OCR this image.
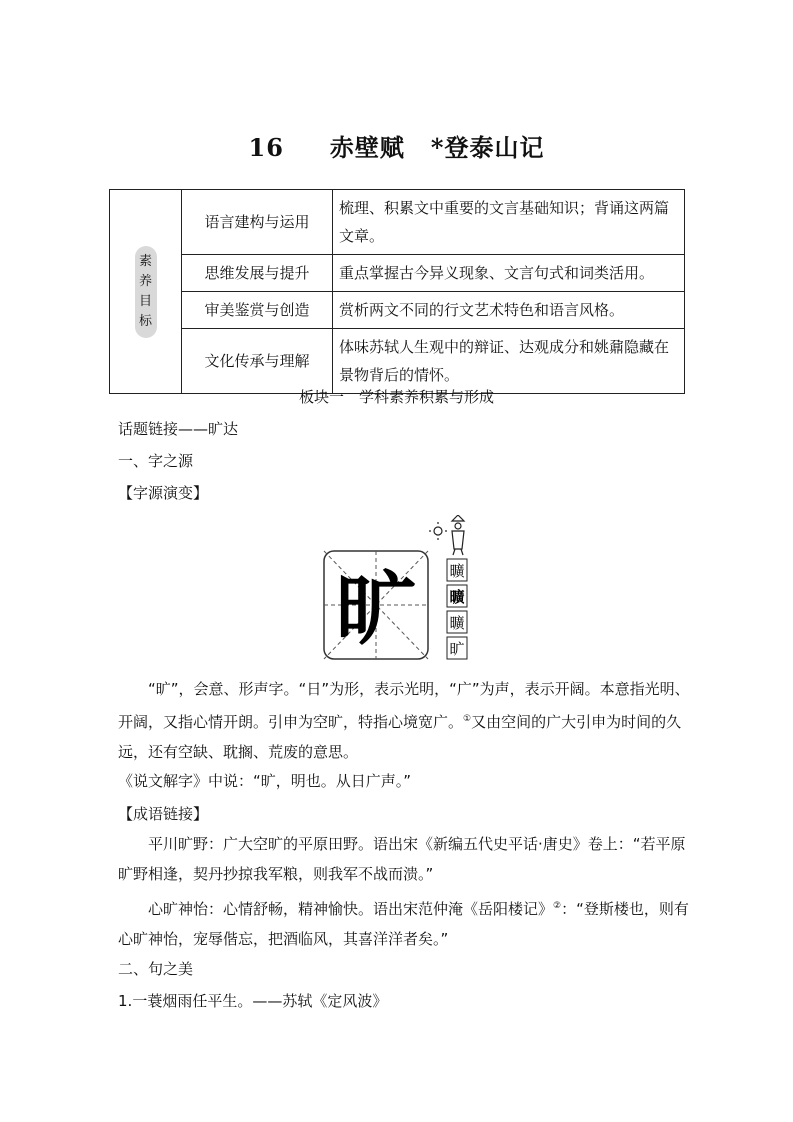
16 赤壁赋 *登泰山记
素
养
目
标	语言建构与运用	梳理、积累文中重要的文言基础知识；背诵这两篇文章。
	思维发展与提升	重点掌握古今异义现象、文言句式和词类活用。
	审美鉴赏与创造	赏析两文不同的行文艺术特色和语言风格。
	文化传承与理解	体味苏轼人生观中的辩证、达观成分和姚鼐隐藏在景物背后的情怀。
板块一　学科素养积累与形成
话题链接——旷达
一、字之源
【字源演变】
旷 曠
曠
曠
旷
“旷”，会意、形声字。“日”为形，表示光明，“广”为声，表示开阔。本意指光明、开阔，又指心情开朗。引申为空旷，特指心境宽广。①又由空间的广大引申为时间的久远，还有空缺、耽搁、荒废的意思。
《说文解字》中说：“旷，明也。从日广声。”
【成语链接】
平川旷野：广大空旷的平原田野。语出宋《新编五代史平话·唐史》卷上：“若平原旷野相逢，契丹抄掠我军粮，则我军不战而溃。”
心旷神怡：心情舒畅，精神愉快。语出宋范仲淹《岳阳楼记》②：“登斯楼也，则有心旷神怡，宠辱偕忘，把酒临风，其喜洋洋者矣。”
二、句之美
1.一蓑烟雨任平生。——苏轼《定风波》
